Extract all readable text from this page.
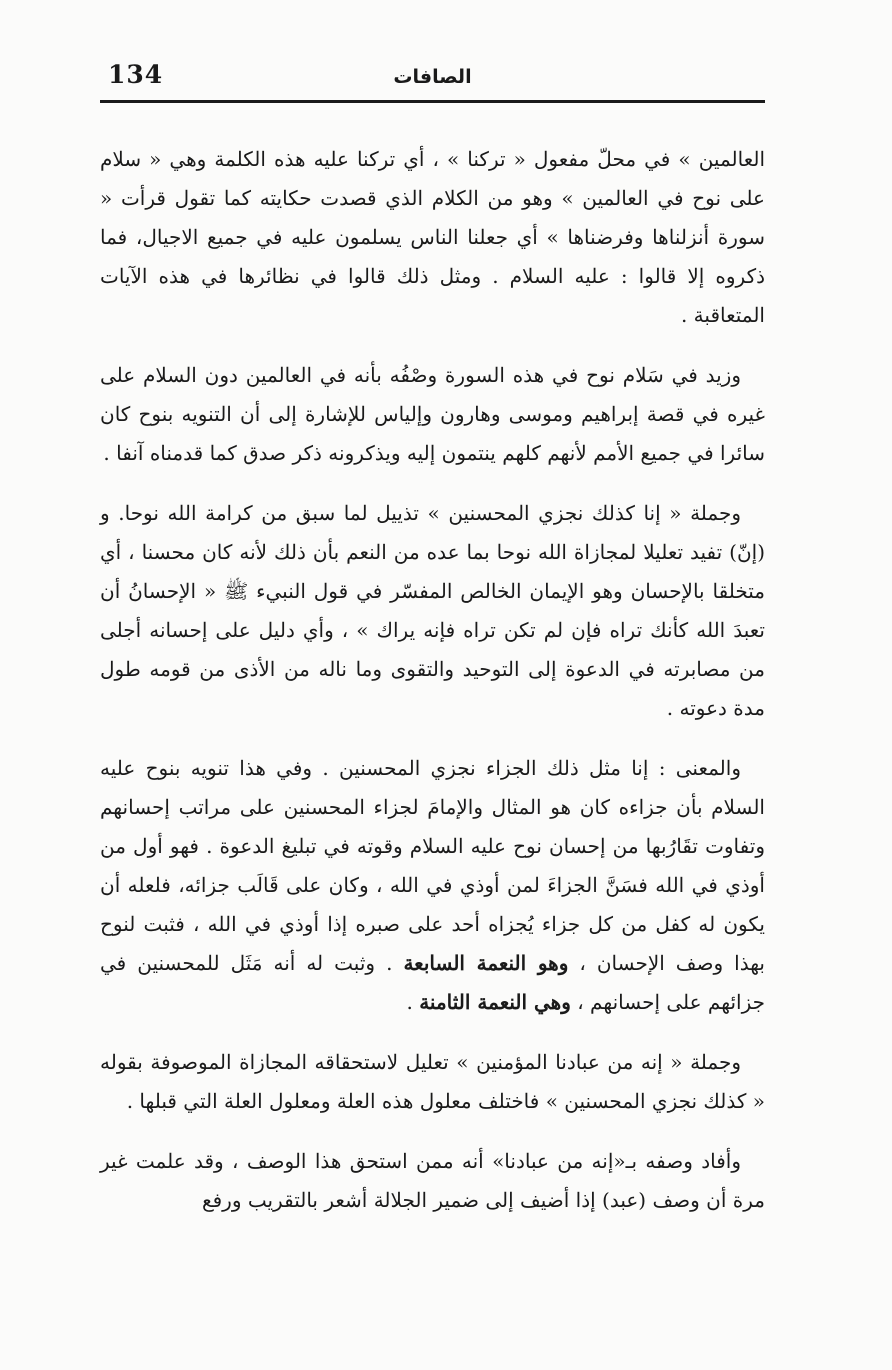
134	الصافات

العالمين » في محلّ مفعول « تركنا » ، أي تركنا عليه هذه الكلمة وهي « سلام على نوح في العالمين » وهو من الكلام الذي قصدت حكايته كما تقول قرأت « سورة أنزلناها وفرضناها » أي جعلنا الناس يسلمون عليه في جميع الاجيال، فما ذكروه إلا قالوا : عليه السلام . ومثل ذلك قالوا في نظائرها في هذه الآيات المتعاقبة .

وزيد في سَلام نوح في هذه السورة وصْفُه بأنه في العالمين دون السلام على غيره في قصة إبراهيم وموسى وهارون وإلياس للإشارة إلى أن التنويه بنوح كان سائرا في جميع الأمم لأنهم كلهم ينتمون إليه ويذكرونه ذكر صدق كما قدمناه آنفا .

وجملة « إنا كذلك نجزي المحسنين » تذييل لما سبق من كرامة الله نوحا. و (إنّ) تفيد تعليلا لمجازاة الله نوحا بما عده من النعم بأن ذلك لأنه كان محسنا ، أي متخلقا بالإحسان وهو الإيمان الخالص المفسّر في قول النبيء ﷺ « الإحسانُ أن تعبدَ الله كأنك تراه فإن لم تكن تراه فإنه يراك » ، وأي دليل على إحسانه أجلى من مصابرته في الدعوة إلى التوحيد والتقوى وما ناله من الأذى من قومه طول مدة دعوته .

والمعنى : إنا مثل ذلك الجزاء نجزي المحسنين . وفي هذا تنويه بنوح عليه السلام بأن جزاءه كان هو المثال والإمامَ لجزاء المحسنين على مراتب إحسانهم وتفاوت تقَارُبها من إحسان نوح عليه السلام وقوته في تبليغ الدعوة . فهو أول من أوذي في الله فسَنَّ الجزاءَ لمن أوذي في الله ، وكان على قَالَب جزائه، فلعله أن يكون له كفل من كل جزاء يُجزاه أحد على صبره إذا أوذي في الله ، فثبت لنوح بهذا وصف الإحسان ، وهو النعمة السابعة . وثبت له أنه مَثَل للمحسنين في جزائهم على إحسانهم ، وهي النعمة الثامنة .

وجملة « إنه من عبادنا المؤمنين » تعليل لاستحقاقه المجازاة الموصوفة بقوله « كذلك نجزي المحسنين » فاختلف معلول هذه العلة ومعلول العلة التي قبلها .

وأفاد وصفه بـ«إنه من عبادنا» أنه ممن استحق هذا الوصف ، وقد علمت غير مرة أن وصف (عبد) إذا أضيف إلى ضمير الجلالة أشعر بالتقريب ورفع
